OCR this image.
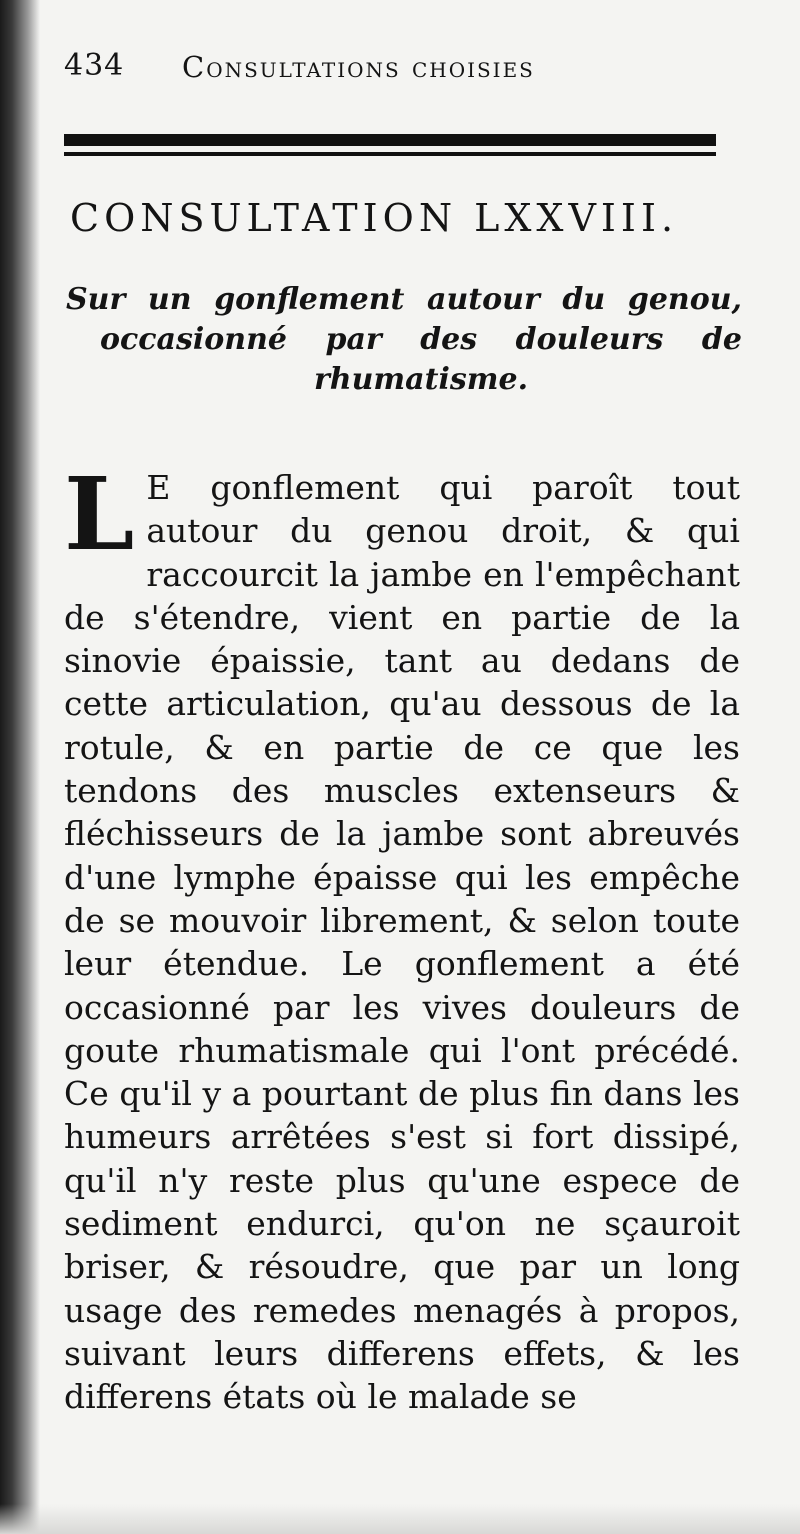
434 Consultations choisies
CONSULTATION LXXVIII.
Sur un gonflement autour du genou, occasionné par des douleurs de rhumatisme.
L E gonflement qui paroît tout autour du genou droit, & qui raccourcit la jambe en l'empêchant de s'étendre, vient en partie de la sinovie épaissie, tant au dedans de cette articulation, qu'au dessous de la rotule, & en partie de ce que les tendons des muscles extenseurs & fléchisseurs de la jambe sont abreuvés d'une lymphe épaisse qui les empêche de se mouvoir librement, & selon toute leur étendue. Le gonflement a été occasionné par les vives douleurs de goute rhumatismale qui l'ont précédé. Ce qu'il y a pourtant de plus fin dans les humeurs arrêtées s'est si fort dissipé, qu'il n'y reste plus qu'une espece de sediment endurci, qu'on ne sçauroit briser, & résoudre, que par un long usage des remedes menagés à propos, suivant leurs differens effets, & les differens états où le malade se
